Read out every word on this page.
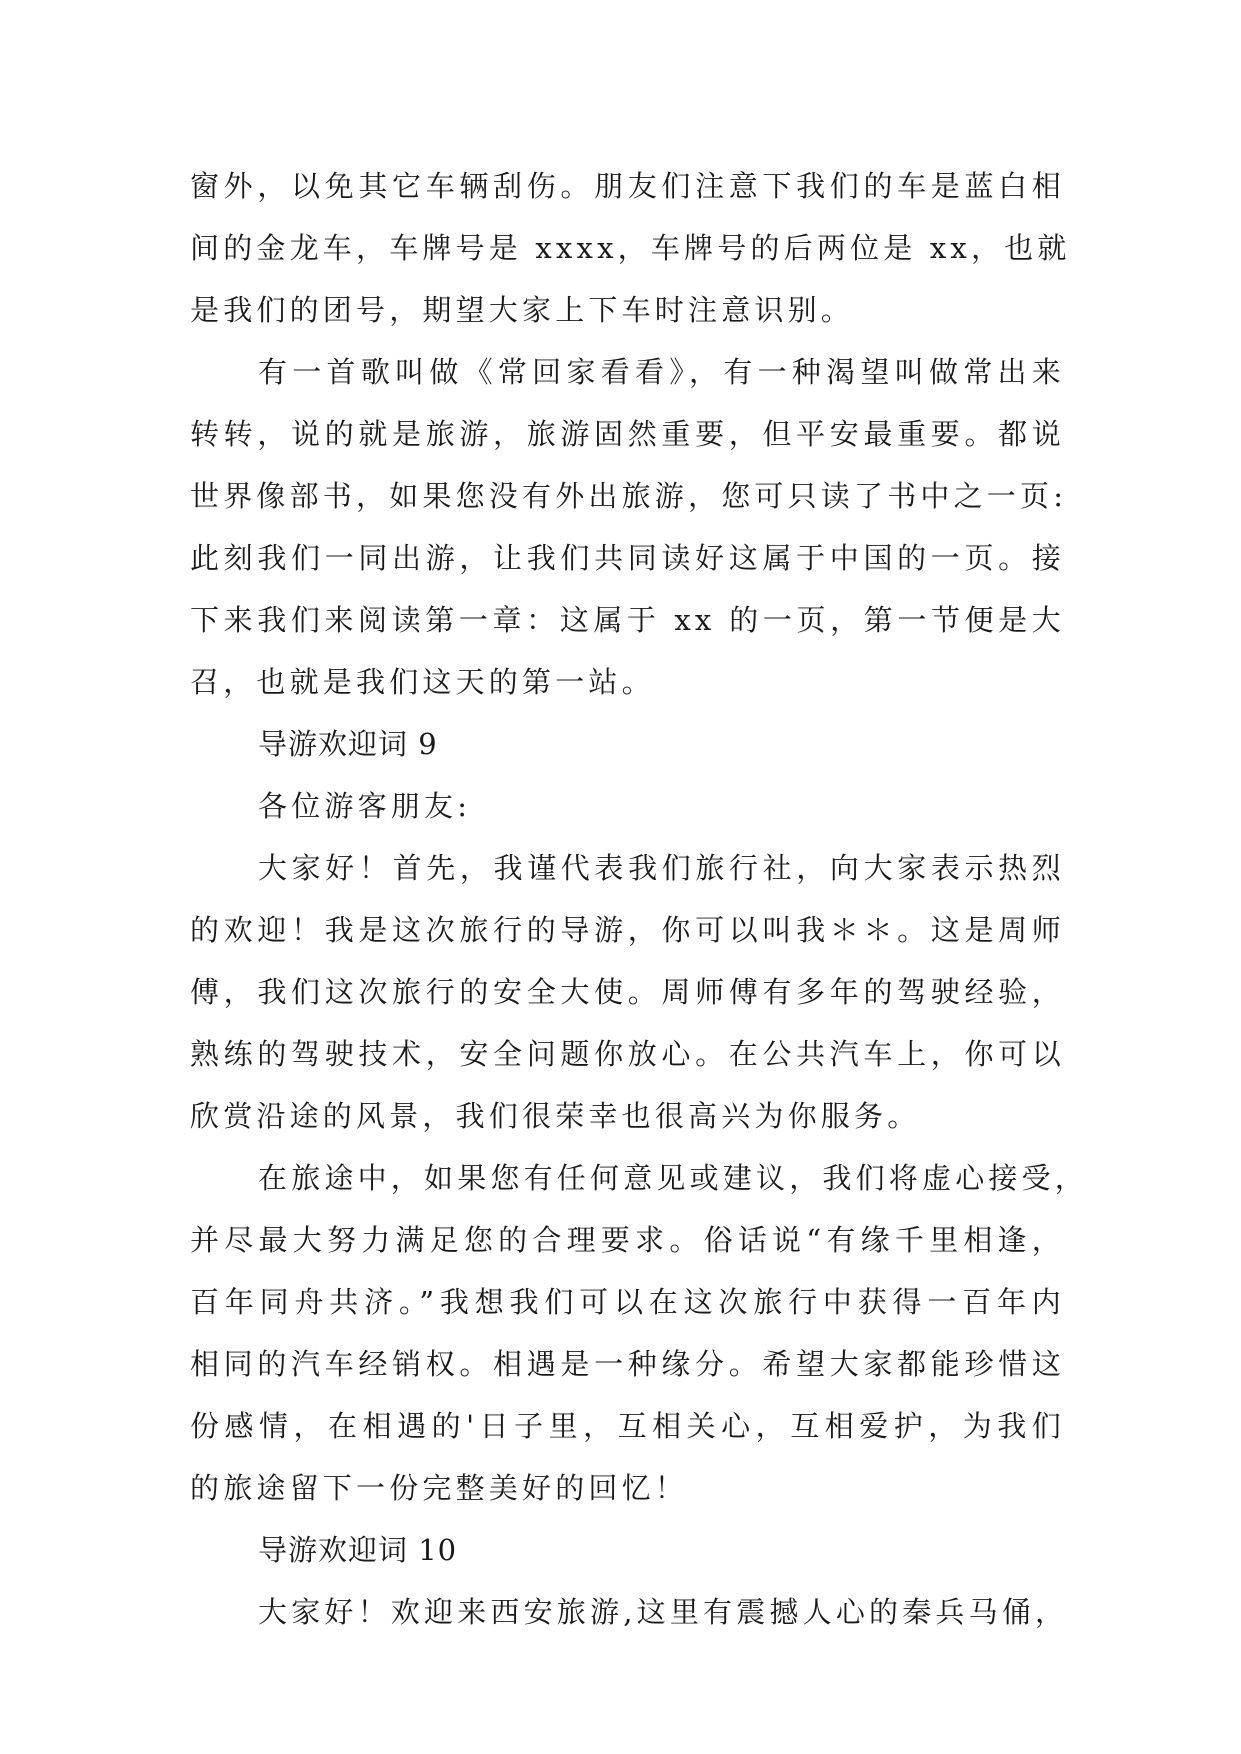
窗外，以免其它车辆刮伤。朋友们注意下我们的车是蓝白相
间的金龙车，车牌号是 xxxx，车牌号的后两位是 xx，也就
是我们的团号，期望大家上下车时注意识别。
有一首歌叫做《常回家看看》，有一种渴望叫做常出来
转转，说的就是旅游，旅游固然重要，但平安最重要。都说
世界像部书，如果您没有外出旅游，您可只读了书中之一页:
此刻我们一同出游，让我们共同读好这属于中国的一页。接
下来我们来阅读第一章：这属于 xx 的一页，第一节便是大
召，也就是我们这天的第一站。
导游欢迎词 9
各位游客朋友:
大家好！首先，我谨代表我们旅行社，向大家表示热烈
的欢迎！我是这次旅行的导游，你可以叫我＊＊。这是周师
傅，我们这次旅行的安全大使。周师傅有多年的驾驶经验，
熟练的驾驶技术，安全问题你放心。在公共汽车上，你可以
欣赏沿途的风景，我们很荣幸也很高兴为你服务。
在旅途中，如果您有任何意见或建议，我们将虚心接受，
并尽最大努力满足您的合理要求。俗话说“有缘千里相逢，
百年同舟共济。”我想我们可以在这次旅行中获得一百年内
相同的汽车经销权。相遇是一种缘分。希望大家都能珍惜这
份感情，在相遇的'日子里，互相关心，互相爱护，为我们
的旅途留下一份完整美好的回忆！
导游欢迎词 10
大家好！欢迎来西安旅游,这里有震撼人心的秦兵马俑，
